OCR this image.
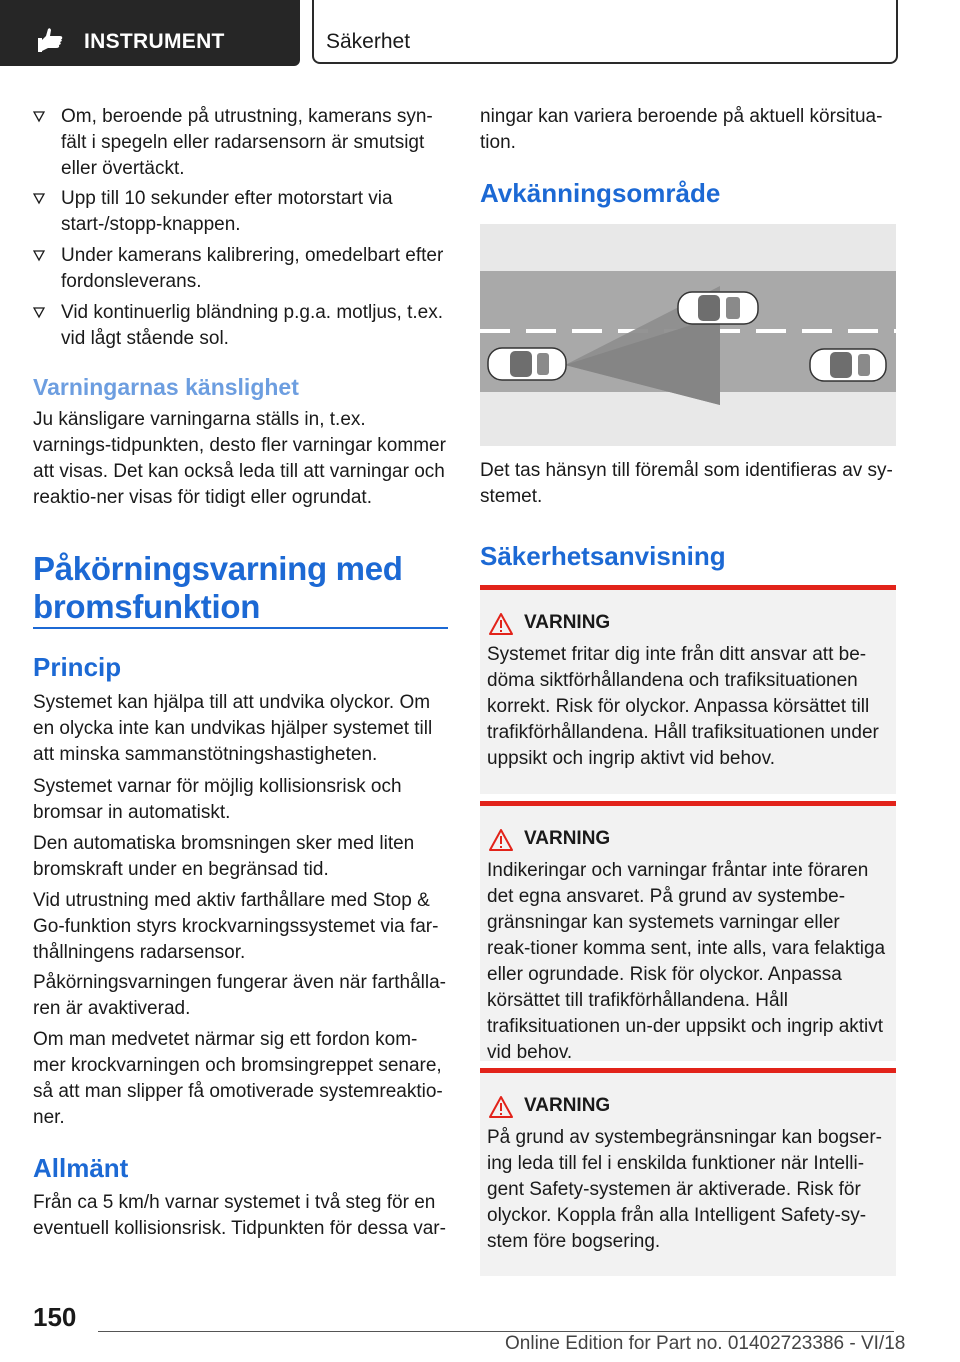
INSTRUMENT	Säkerhet
Om, beroende på utrustning, kamerans syn-fält i spegeln eller radarsensorn är smutsigt eller övertäckt.
Upp till 10 sekunder efter motorstart via start-/stopp-knappen.
Under kamerans kalibrering, omedelbart efter fordonsleverans.
Vid kontinuerlig bländning p.g.a. motljus, t.ex. vid lågt stående sol.
Varningarnas känslighet

Ju känsligare varningarna ställs in, t.ex. varnings-tidpunkten, desto fler varningar kommer att visas. Det kan också leda till att varningar och reaktio-ner visas för tidigt eller ogrundat.

Påkörningsvarning med
bromsfunktion
Princip

Systemet kan hjälpa till att undvika olyckor. Om en olycka inte kan undvikas hjälper systemet till att minska sammanstötningshastigheten.

Systemet varnar för möjlig kollisionsrisk och bromsar in automatiskt.

Den automatiska bromsningen sker med liten bromskraft under en begränsad tid.

Vid utrustning med aktiv farthållare med Stop & Go-funktion styrs krockvarningssystemet via far-thållningens radarsensor.

Påkörningsvarningen fungerar även när farthålla-ren är avaktiverad.

Om man medvetet närmar sig ett fordon kom-mer krockvarningen och bromsingreppet senare, så att man slipper få omotiverade systemreaktio-ner.

Allmänt

Från ca 5 km/h varnar systemet i två steg för en eventuell kollisionsrisk. Tidpunkten för dessa var-

ningar kan variera beroende på aktuell körsitua-tion.

Avkänningsområde

Det tas hänsyn till föremål som identifieras av sy-stemet.

Säkerhetsanvisning
VARNING
Systemet fritar dig inte från ditt ansvar att be-döma siktförhållandena och trafiksituationen korrekt. Risk för olyckor. Anpassa körsättet till trafikförhållandena. Håll trafiksituationen under uppsikt och ingrip aktivt vid behov.
VARNING
Indikeringar och varningar fråntar inte föraren det egna ansvaret. På grund av systembe-gränsningar kan systemets varningar eller reak-tioner komma sent, inte alls, vara felaktiga eller ogrundade. Risk för olyckor. Anpassa körsättet till trafikförhållandena. Håll trafiksituationen un-der uppsikt och ingrip aktivt vid behov.
VARNING
På grund av systembegränsningar kan bogser-ing leda till fel i enskilda funktioner när Intelli-gent Safety-systemen är aktiverade. Risk för olyckor. Koppla från alla Intelligent Safety-sy-stem före bogsering.
150
Online Edition for Part no. 01402723386 - VI/18
